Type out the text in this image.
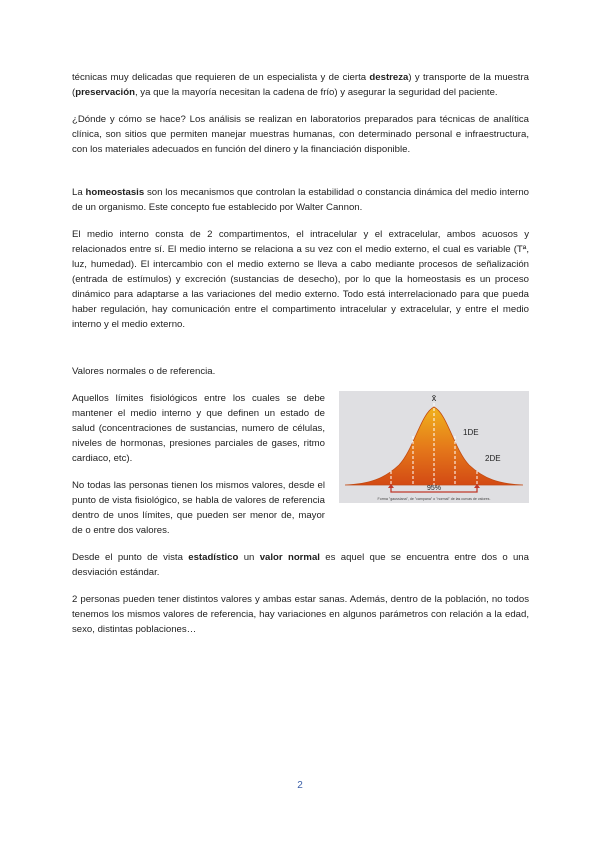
técnicas muy delicadas que requieren de un especialista y de cierta destreza) y transporte de la muestra (preservación, ya que la mayoría necesitan la cadena de frío) y asegurar la seguridad del paciente.

¿Dónde y cómo se hace? Los análisis se realizan en laboratorios preparados para técnicas de analítica clínica, son sitios que permiten manejar muestras humanas, con determinado personal e infraestructura, con los materiales adecuados en función del dinero y la financiación disponible.

La homeostasis son los mecanismos que controlan la estabilidad o constancia dinámica del medio interno de un organismo. Este concepto fue establecido por Walter Cannon.

El medio interno consta de 2 compartimentos, el intracelular y el extracelular, ambos acuosos y relacionados entre sí. El medio interno se relaciona a su vez con el medio externo, el cual es variable (Tª, luz, humedad). El intercambio con el medio externo se lleva a cabo mediante procesos de señalización (entrada de estímulos) y excreción (sustancias de desecho), por lo que la homeostasis es un proceso dinámico para adaptarse a las variaciones del medio externo. Todo está interrelacionado para que pueda haber regulación, hay comunicación entre el compartimento intracelular y extracelular, y entre el medio interno y el medio externo.

Valores normales o de referencia.

x̄
1DE
2DE
95%
Forma "gaussiana", de "campana" o "normal" de las curvas de valores.

Aquellos límites fisiológicos entre los cuales se debe mantener el medio interno y que definen un estado de salud (concentraciones de sustancias, numero de células, niveles de hormonas, presiones parciales de gases, ritmo cardiaco, etc).

No todas las personas tienen los mismos valores, desde el punto de vista fisiológico, se habla de valores de referencia dentro de unos límites, que pueden ser menor de, mayor de o entre dos valores.

Desde el punto de vista estadístico un valor normal es aquel que se encuentra entre dos o una desviación estándar.

2 personas pueden tener distintos valores y ambas estar sanas. Además, dentro de la población, no todos tenemos los mismos valores de referencia, hay variaciones en algunos parámetros con relación a la edad, sexo, distintas poblaciones…

2
